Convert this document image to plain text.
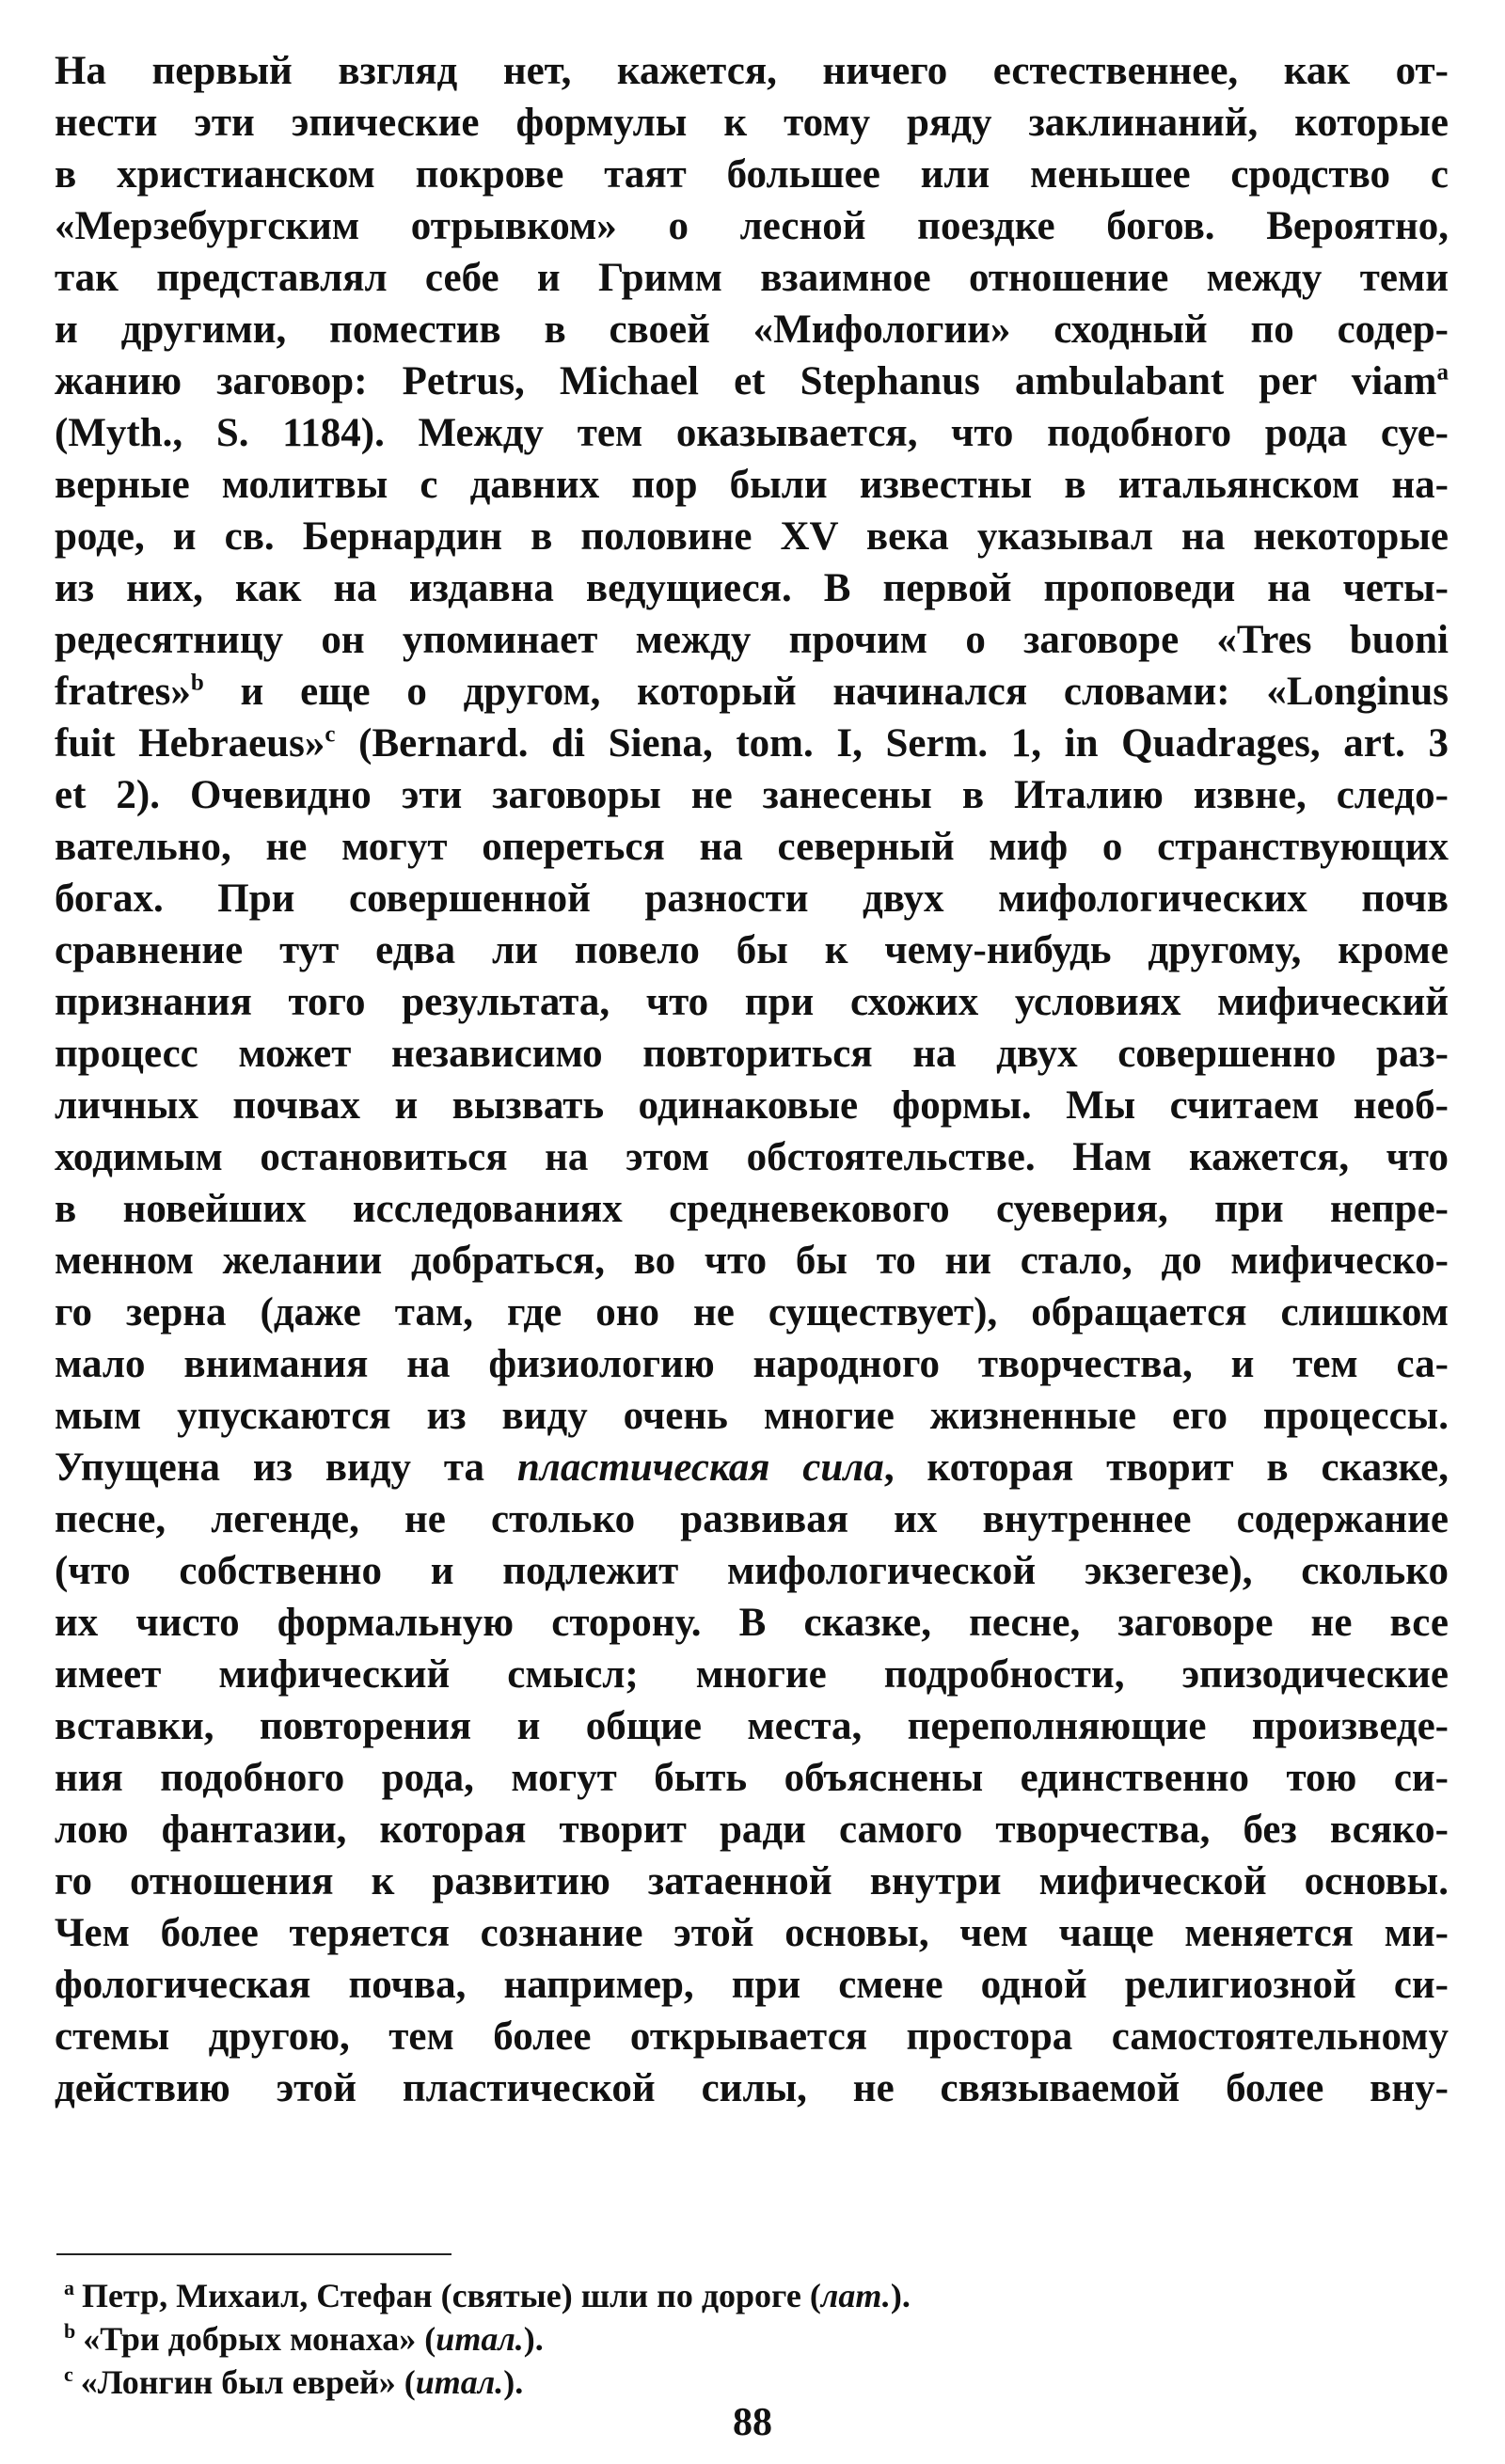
На первый взгляд нет, кажется, ничего естественнее, как от-
нести эти эпические формулы к тому ряду заклинаний, которые
в христианском покрове таят большее или меньшее сродство с
«Мерзебургским отрывком» о лесной поездке богов. Вероятно,
так представлял себе и Гримм взаимное отношение между теми
и другими, поместив в своей «Мифологии» сходный по содер-
жанию заговор: Petrus, Michael et Stephanus ambulabant per viam$^a$
(Myth., S. 1184). Между тем оказывается, что подобного рода суе-
верные молитвы с давних пор были известны в итальянском на-
роде, и св. Бернардин в половине XV века указывал на некоторые
из них, как на издавна ведущиеся. В первой проповеди на четы-
редесятницу он упоминает между прочим о заговоре «Tres buoni
fratres»$^b$ и еще о другом, который начинался словами: «Longinus
fuit Hebraeus»$^c$ (Bernard. di Siena, tom. I, Serm. 1, in Quadrages, art. 3
et 2). Очевидно эти заговоры не занесены в Италию извне, следо-
вательно, не могут опереться на северный миф о странствующих
богах. При совершенной разности двух мифологических почв
сравнение тут едва ли повело бы к чему-нибудь другому, кроме
признания того результата, что при схожих условиях мифический
процесс может независимо повториться на двух совершенно раз-
личных почвах и вызвать одинаковые формы. Мы считаем необ-
ходимым остановиться на этом обстоятельстве. Нам кажется, что
в новейших исследованиях средневекового суеверия, при непре-
менном желании добраться, во что бы то ни стало, до мифическо-
го зерна (даже там, где оно не существует), обращается слишком
мало внимания на физиологию народного творчества, и тем са-
мым упускаются из виду очень многие жизненные его процессы.
Упущена из виду та пластическая сила, которая творит в сказке,
песне, легенде, не столько развивая их внутреннее содержание
(что собственно и подлежит мифологической экзегезе), сколько
их чисто формальную сторону. В сказке, песне, заговоре не все
имеет мифический смысл; многие подробности, эпизодические
вставки, повторения и общие места, переполняющие произведе-
ния подобного рода, могут быть объяснены единственно тою си-
лою фантазии, которая творит ради самого творчества, без всяко-
го отношения к развитию затаенной внутри мифической основы.
Чем более теряется сознание этой основы, чем чаще меняется ми-
фологическая почва, например, при смене одной религиозной си-
стемы другою, тем более открывается простора самостоятельному
действию этой пластической силы, не связываемой более вну-
$^a$ Петр, Михаил, Стефан (святые) шли по дороге (лат.).
$^b$ «Три добрых монаха» (итал.).
$^c$ «Лонгин был еврей» (итал.).
88
